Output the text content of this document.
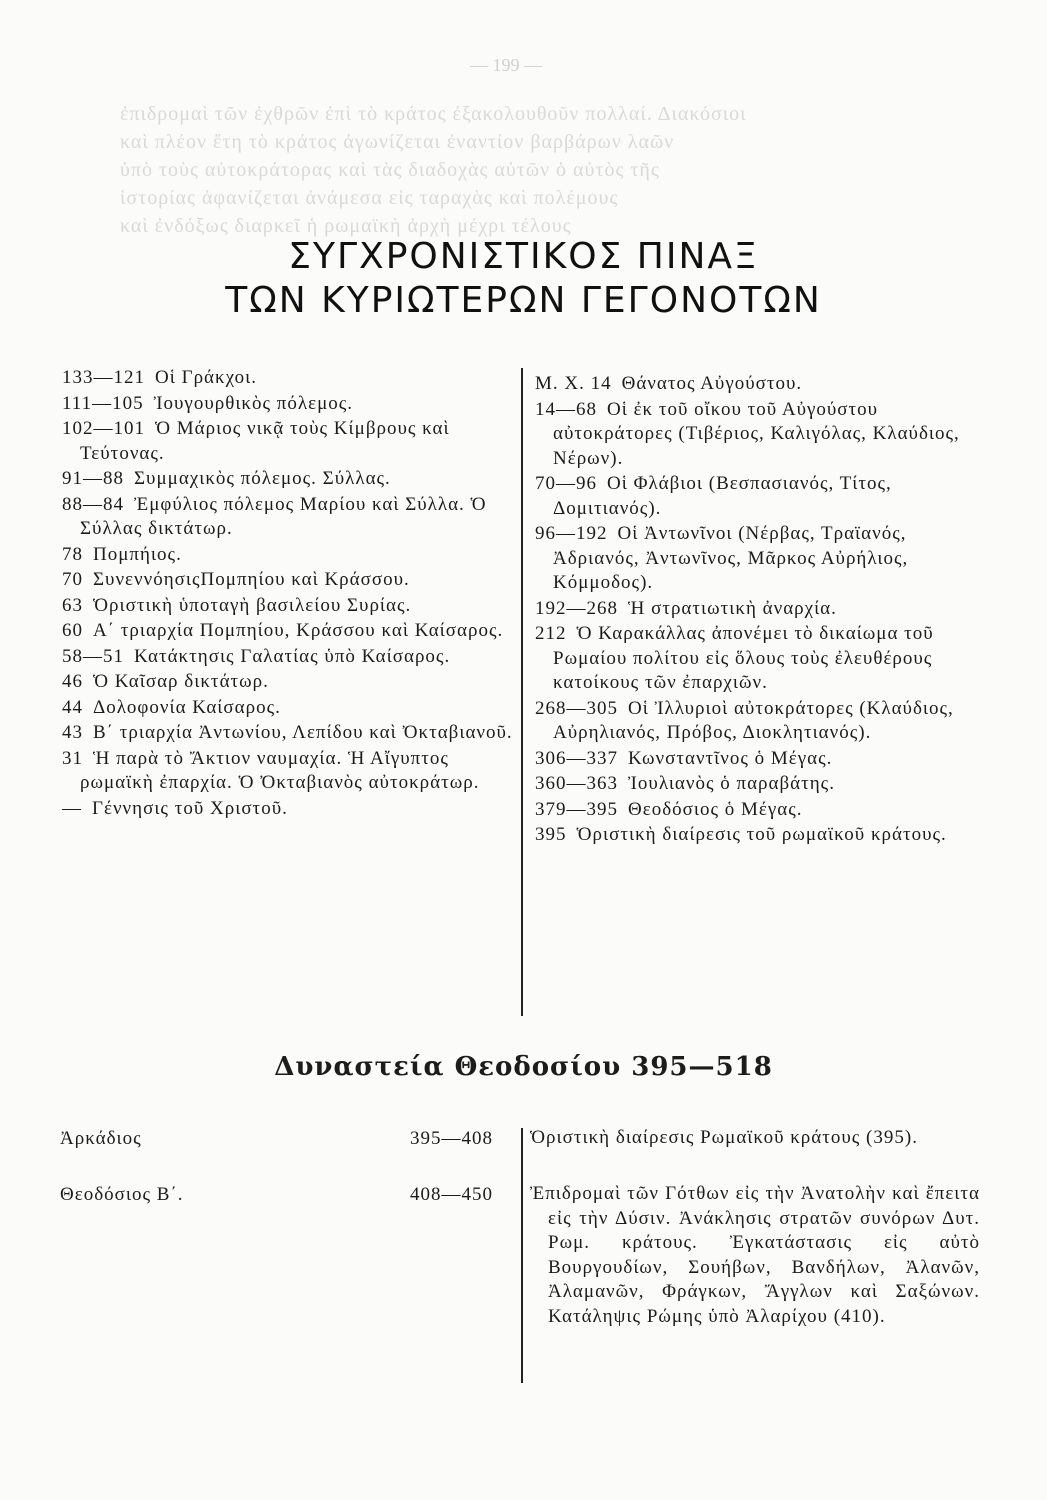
— 199 —
ἐπιδρομαὶ τῶν ἐχθρῶν ἐπὶ τὸ κράτος ἐξακολουθοῦν πολλαί. Διακόσιοι
καὶ πλέον ἔτη τὸ κράτος ἀγωνίζεται ἐναντίον βαρβάρων λαῶν
ὑπὸ τοὺς αὐτοκράτορας καὶ τὰς διαδοχὰς αὐτῶν ὁ αὐτὸς τῆς
ἱστορίας ἀφανίζεται ἀνάμεσα εἰς ταραχὰς καὶ πολέμους
καὶ ἐνδόξως διαρκεῖ ἡ ρωμαϊκὴ ἀρχὴ μέχρι τέλους
ΣΥΓΧΡΟΝΙΣΤΙΚΟΣ ΠΙΝΑΞ
ΤΩΝ ΚΥΡΙΩΤΕΡΩΝ ΓΕΓΟΝΟΤΩΝ

133—121 Οἱ Γράκχοι.

111—105 Ἰουγουρθικὸς πόλεμος.

102—101 Ὁ Μάριος νικᾷ τοὺς Κίμβρους καὶ Τεύτονας.

91—88 Συμμαχικὸς πόλεμος. Σύλλας.

88—84 Ἐμφύλιος πόλεμος Μαρίου καὶ Σύλλα. Ὁ Σύλλας δικτάτωρ.

78 Πομπήιος.

70 ΣυνεννόησιςΠομπηίου καὶ Κράσσου.

63 Ὁριστικὴ ὑποταγὴ βασιλείου Συρίας.

60 Α΄ τριαρχία Πομπηίου, Κράσσου καὶ Καίσαρος.

58—51 Κατάκτησις Γαλατίας ὑπὸ Καίσαρος.

46 Ὁ Καῖσαρ δικτάτωρ.

44 Δολοφονία Καίσαρος.

43 Β΄ τριαρχία Ἀντωνίου, Λεπίδου καὶ Ὀκταβιανοῦ.

31 Ἡ παρὰ τὸ Ἄκτιον ναυμαχία. Ἡ Αἴγυπτος ρωμαϊκὴ ἐπαρχία. Ὁ Ὀκταβιανὸς αὐτοκράτωρ.

— Γέννησις τοῦ Χριστοῦ.

Μ. Χ. 14 Θάνατος Αὐγούστου.

14—68 Οἱ ἐκ τοῦ οἴκου τοῦ Αὐγούστου αὐτοκράτορες (Τιβέριος, Καλιγόλας, Κλαύδιος, Νέρων).

70—96 Οἱ Φλάβιοι (Βεσπασιανός, Τίτος, Δομιτιανός).

96—192 Οἱ Ἀντωνῖνοι (Νέρβας, Τραϊανός, Ἀδριανός, Ἀντωνῖνος, Μᾶρκος Αὐρήλιος, Κόμμοδος).

192—268 Ἡ στρατιωτικὴ ἀναρχία.

212 Ὁ Καρακάλλας ἀπονέμει τὸ δικαίωμα τοῦ Ρωμαίου πολίτου εἰς ὅλους τοὺς ἐλευθέρους κατοίκους τῶν ἐπαρχιῶν.

268—305 Οἱ Ἰλλυριοὶ αὐτοκράτορες (Κλαύδιος, Αὐρηλιανός, Πρόβος, Διοκλητιανός).

306—337 Κωνσταντῖνος ὁ Μέγας.

360—363 Ἰουλιανὸς ὁ παραβάτης.

379—395 Θεοδόσιος ὁ Μέγας.

395 Ὁριστικὴ διαίρεσις τοῦ ρωμαϊκοῦ κράτους.

Δυναστεία Θεοδοσίου 395—518
Ἀρκάδιος	395—408 Ὁριστικὴ διαίρεσις Ρωμαϊκοῦ κράτους (395).

Θεοδόσιος Β΄.	408—450 Ἐπιδρομαὶ τῶν Γότθων εἰς τὴν Ἀνατολὴν καὶ ἔπειτα εἰς τὴν Δύσιν. Ἀνάκλησις στρατῶν συνόρων Δυτ. Ρωμ. κράτους. Ἐγκατάστασις εἰς αὐτὸ Βουργουδίων, Σουήβων, Βανδήλων, Ἀλανῶν, Ἀλαμανῶν, Φράγκων, Ἄγγλων καὶ Σαξώνων. Κατάληψις Ρώμης ὑπὸ Ἀλαρίχου (410).
